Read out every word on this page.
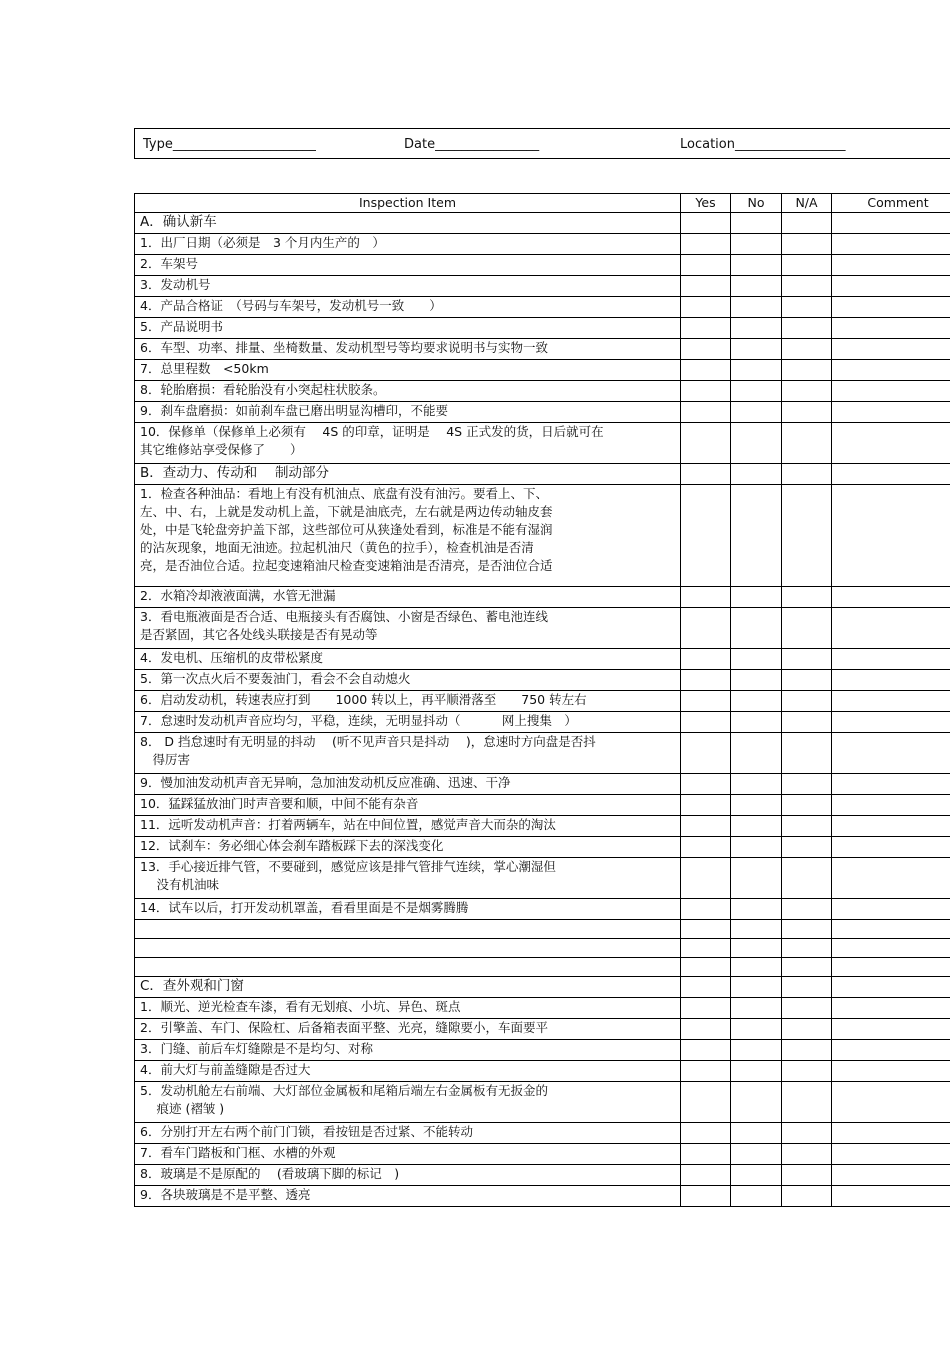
Type______________________	Date________________	Location_________________
Inspection Item	Yes	No	N/A	Comment
A．确认新车				
1．出厂日期（必须是　3 个月内生产的　）				
2．车架号				
3．发动机号				
4．产品合格证　（号码与车架号，发动机号一致　　）				
5．产品说明书				
6．车型、功率、排量、坐椅数量、发动机型号等均要求说明书与实物一致				
7．总里程数　<50km				
8．轮胎磨损：看轮胎没有小突起柱状胶条。				
9．刹车盘磨损：如前刹车盘已磨出明显沟槽印，不能要				
10．保修单（保修单上必须有　 4S 的印章，证明是　 4S 正式发的货，日后就可在
其它维修站享受保修了　　）				
B．查动力、传动和　 制动部分				
1．检查各种油品：看地上有没有机油点、底盘有没有油污。要看上、下、
左、中、右，上就是发动机上盖，下就是油底壳，左右就是两边传动轴皮套
处，中是飞轮盘旁护盖下部，这些部位可从狭逢处看到，标准是不能有湿润
的沾灰现象，地面无油迹。拉起机油尺（黄色的拉手），检查机油是否清
亮，是否油位合适。拉起变速箱油尺检查变速箱油是否清亮，是否油位合适				
2．水箱冷却液液面满，水管无泄漏				
3．看电瓶液面是否合适、电瓶接头有否腐蚀、小窗是否绿色、蓄电池连线
是否紧固，其它各处线头联接是否有晃动等				
4．发电机、压缩机的皮带松紧度				
5．第一次点火后不要轰油门，看会不会自动熄火				
6．启动发动机，转速表应打到　　1000 转以上，再平顺滑落至　　750 转左右				
7．怠速时发动机声音应均匀，平稳，连续，无明显抖动（　　　 网上搜集　）				
8． D 挡怠速时有无明显的抖动　 (听不见声音只是抖动　 )，怠速时方向盘是否抖
　得厉害				
9．慢加油发动机声音无异响，急加油发动机反应准确、迅速、干净				
10．猛踩猛放油门时声音要和顺，中间不能有杂音				
11．远听发动机声音：打着两辆车，站在中间位置，感觉声音大而杂的淘汰				
12．试刹车：务必细心体会刹车踏板踩下去的深浅变化				
13．手心接近排气管，不要碰到，感觉应该是排气管排气连续，掌心潮湿但
　 没有机油味				
14．试车以后，打开发动机罩盖，看看里面是不是烟雾腾腾				

C．查外观和门窗				
1．顺光、逆光检查车漆，看有无划痕、小坑、异色、斑点				
2．引擎盖、车门、保险杠、后备箱表面平整、光亮，缝隙要小，车面要平				
3．门缝、前后车灯缝隙是不是均匀、对称				
4．前大灯与前盖缝隙是否过大				
5．发动机舱左右前端、大灯部位金属板和尾箱后端左右金属板有无扳金的
　 痕迹 (褶皱 )				
6．分别打开左右两个前门门锁，看按钮是否过紧、不能转动				
7．看车门踏板和门框、水槽的外观				
8．玻璃是不是原配的　 (看玻璃下脚的标记　)				
9．各块玻璃是不是平整、透亮				
